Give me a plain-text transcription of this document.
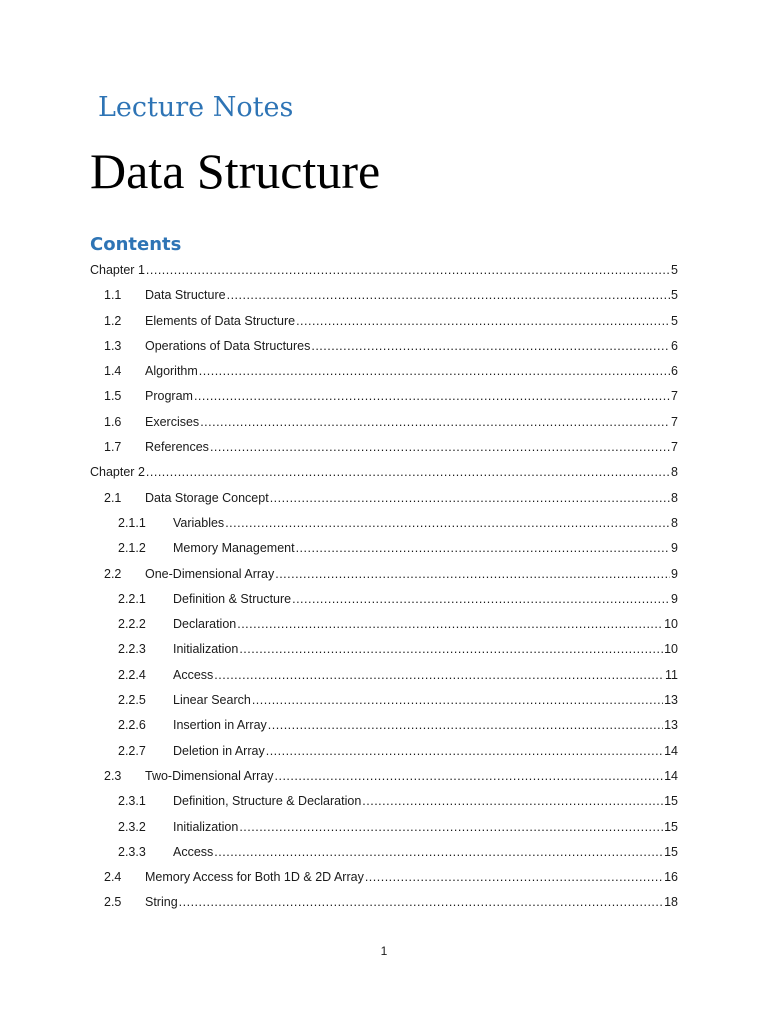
Lecture Notes
Data Structure
Contents
Chapter 1 .....	5
1.1	Data Structure .....	5
1.2	Elements of Data Structure .....	5
1.3	Operations of Data Structures .....	6
1.4	Algorithm .....	6
1.5	Program .....	7
1.6	Exercises .....	7
1.7	References .....	7
Chapter 2 .....	8
2.1	Data Storage Concept .....	8
2.1.1	Variables .....	8
2.1.2	Memory Management .....	9
2.2	One-Dimensional Array .....	9
2.2.1	Definition & Structure .....	9
2.2.2	Declaration .....	10
2.2.3	Initialization .....	10
2.2.4	Access .....	11
2.2.5	Linear Search .....	13
2.2.6	Insertion in Array .....	13
2.2.7	Deletion in Array .....	14
2.3	Two-Dimensional Array .....	14
2.3.1	Definition, Structure & Declaration .....	15
2.3.2	Initialization .....	15
2.3.3	Access .....	15
2.4	Memory Access for Both 1D & 2D Array .....	16
2.5	String .....	18
1
